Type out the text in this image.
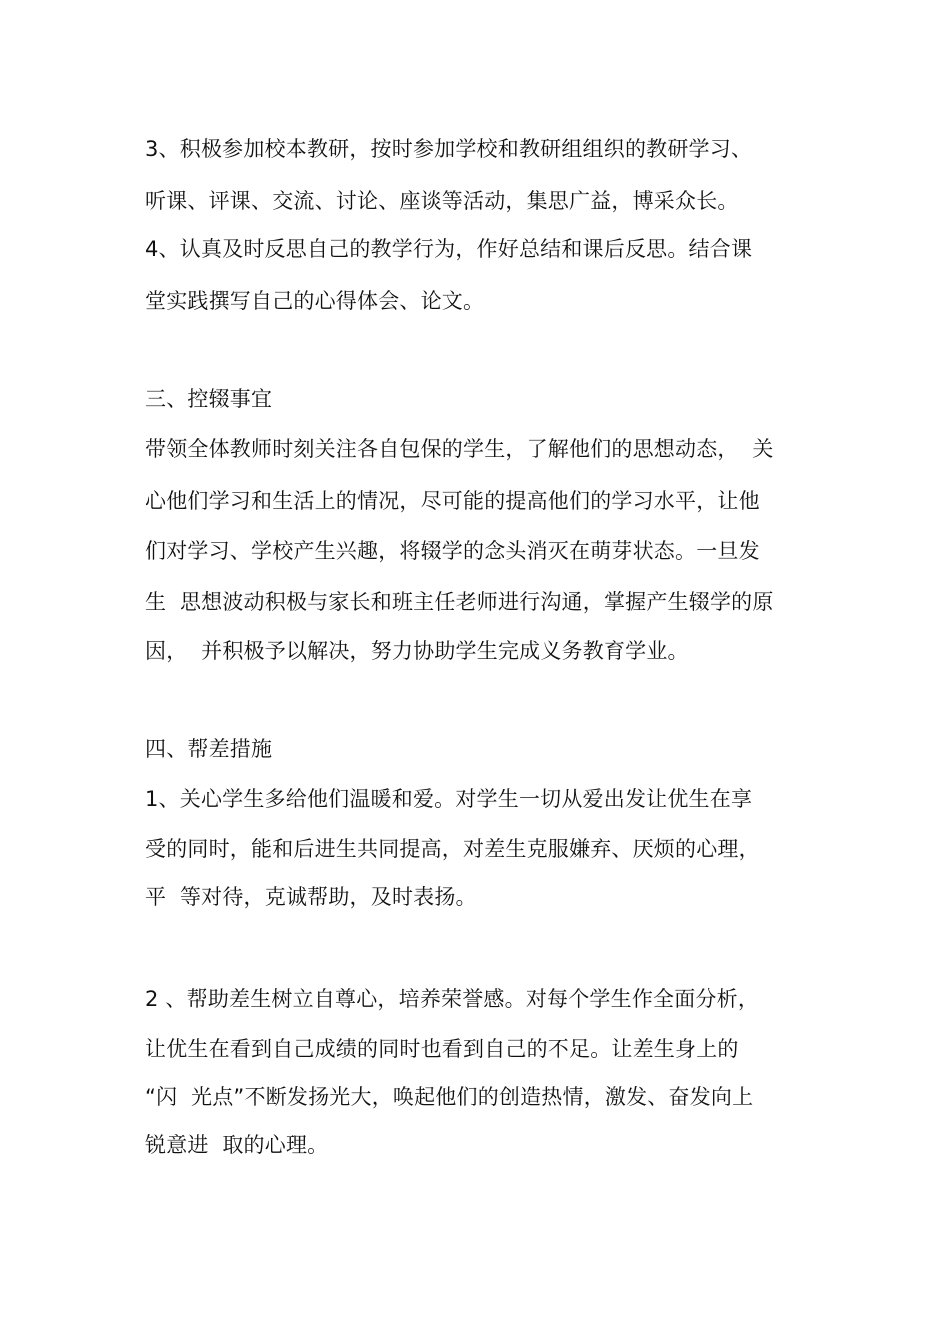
3、积极参加校本教研，按时参加学校和教研组组织的教研学习、
听课、评课、交流、讨论、座谈等活动，集思广益，博采众长。
4、认真及时反思自己的教学行为，作好总结和课后反思。结合课
堂实践撰写自己的心得体会、论文。
三、控辍事宜
带领全体教师时刻关注各自包保的学生，了解他们的思想动态，  关
心他们学习和生活上的情况，尽可能的提高他们的学习水平，让他
们对学习、学校产生兴趣，将辍学的念头消灭在萌芽状态。一旦发
生  思想波动积极与家长和班主任老师进行沟通，掌握产生辍学的原
因，  并积极予以解决，努力协助学生完成义务教育学业。
四、帮差措施
1、关心学生多给他们温暖和爱。对学生一切从爱出发让优生在享
受的同时，能和后进生共同提高，对差生克服嫌弃、厌烦的心理，
平  等对待，克诚帮助，及时表扬。
2 、帮助差生树立自尊心，培养荣誉感。对每个学生作全面分析，
让优生在看到自己成绩的同时也看到自己的不足。让差生身上的
“闪  光点”不断发扬光大，唤起他们的创造热情，激发、奋发向上
锐意进  取的心理。
